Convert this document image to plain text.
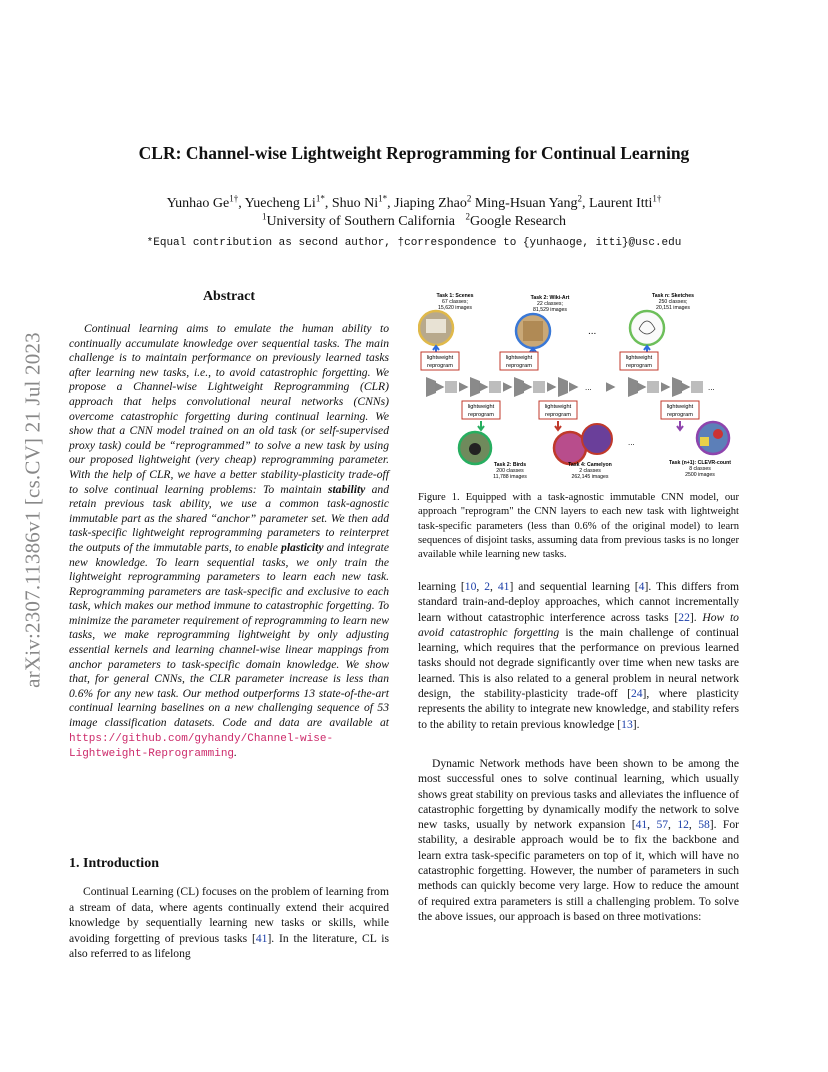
arXiv:2307.11386v1 [cs.CV] 21 Jul 2023
CLR: Channel-wise Lightweight Reprogramming for Continual Learning
Yunhao $Ge^{1\dagger}$, Yuecheng $Li^{1*}$, Shuo $Ni^{1*}$, Jiaping Zhao$^2$ Ming-Hsuan Yang$^2$, Laurent Itti$^{1\dagger}$
$^1$University of Southern California $^2$Google Research
*Equal contribution as second author, †correspondence to {yunhaoge, itti}@usc.edu
Abstract

Continual learning aims to emulate the human ability to continually accumulate knowledge over sequential tasks. The main challenge is to maintain performance on previously learned tasks after learning new tasks, i.e., to avoid catastrophic forgetting. We propose a Channel-wise Lightweight Reprogramming (CLR) approach that helps convolutional neural networks (CNNs) overcome catastrophic forgetting during continual learning. We show that a CNN model trained on an old task (or self-supervised proxy task) could be “reprogrammed” to solve a new task by using our proposed lightweight (very cheap) reprogramming parameter. With the help of CLR, we have a better stability-plasticity trade-off to solve continual learning problems: To maintain stability and retain previous task ability, we use a common task-agnostic immutable part as the shared “anchor” parameter set. We then add task-specific lightweight reprogramming parameters to reinterpret the outputs of the immutable parts, to enable plasticity and integrate new knowledge. To learn sequential tasks, we only train the lightweight reprogramming parameters to learn each new task. Reprogramming parameters are task-specific and exclusive to each task, which makes our method immune to catastrophic forgetting. To minimize the parameter requirement of reprogramming to learn new tasks, we make reprogramming lightweight by only adjusting essential kernels and learning channel-wise linear mappings from anchor parameters to task-specific domain knowledge. We show that, for general CNNs, the CLR parameter increase is less than 0.6% for any new task. Our method outperforms 13 state-of-the-art continual learning baselines on a new challenging sequence of 53 image classification datasets. Code and data are available at https://github.com/gyhandy/Channel-wise-Lightweight-Reprogramming.

1. Introduction

Continual Learning (CL) focuses on the problem of learning from a stream of data, where agents continually extend their acquired knowledge by sequentially learning new tasks or skills, while avoiding forgetting of previous tasks [41]. In the literature, CL is also referred to as lifelong

Task 1: Scenes
67 classes;
15,620 images
Task 2: Wiki-Art
22 classes;
81,529 images
Task n: Sketches
250 classes;
20,151 images
...
lightweight
reprogram
lightweight
reprogram
lightweight
reprogram
...	...
lightweight
reprogram
lightweight
reprogram
lightweight
reprogram
...
Task 2: Birds
200 classes
11,788 images
Task 4: Camelyon
2 classes
262,145 images
Task (n+1): CLEVR-count
8 classes
2500 images

Figure 1. Equipped with a task-agnostic immutable CNN model, our approach "reprogram" the CNN layers to each new task with lightweight task-specific parameters (less than 0.6% of the original model) to learn sequences of disjoint tasks, assuming data from previous tasks is no longer available while learning new tasks.

learning [10, 2, 41] and sequential learning [4]. This differs from standard train-and-deploy approaches, which cannot incrementally learn without catastrophic interference across tasks [22]. How to avoid catastrophic forgetting is the main challenge of continual learning, which requires that the performance on previous learned tasks should not degrade significantly over time when new tasks are learned. This is also related to a general problem in neural network design, the stability-plasticity trade-off [24], where plasticity represents the ability to integrate new knowledge, and stability refers to the ability to retain previous knowledge [13].

Dynamic Network methods have been shown to be among the most successful ones to solve continual learning, which usually shows great stability on previous tasks and alleviates the influence of catastrophic forgetting by dynamically modify the network to solve new tasks, usually by network expansion [41, 57, 12, 58]. For stability, a desirable approach would be to fix the backbone and learn extra task-specific parameters on top of it, which will have no catastrophic forgetting. However, the number of parameters in such methods can quickly become very large. How to reduce the amount of required extra parameters is still a challenging problem. To solve the above issues, our approach is based on three motivations:
